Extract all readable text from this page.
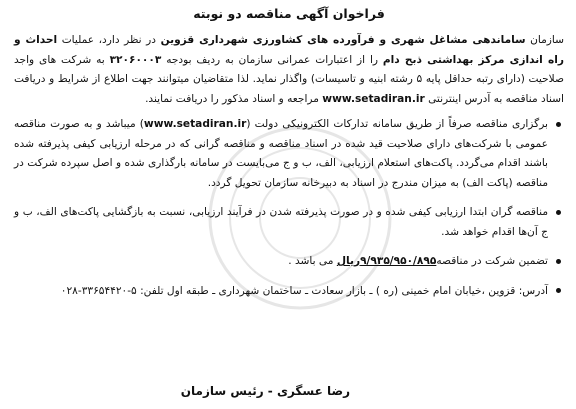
فراخوان آگهی مناقصه دو نوبته

سازمان ساماندهی مشاغل شهری و فرآورده های کشاورزی شهرداری قزوین در نظر دارد، عملیات احداث و راه اندازی مرکز بهداشتی ذبح دام را از اعتبارات عمرانی سازمان به ردیف بودجه ۳۲۰۶۰۰۰۳ به شرکت های واجد صلاحیت (دارای رتبه حداقل پایه ۵ رشته ابنیه و تاسیسات) واگذار نماید. لذا متقاضیان میتوانند جهت اطلاع از شرایط و دریافت اسناد مناقصه به آدرس اینترنتی www.setadiran.ir مراجعه و اسناد مذکور را دریافت نمایند.

برگزاری مناقصه صرفاً از طریق سامانه تدارکات الکترونیکی دولت (www.setadiran.ir) میباشد و به صورت مناقصه عمومی با شرکت‌های دارای صلاحیت قید شده در اسناد مناقصه و مناقصه گرانی که در مرحله ارزیابی کیفی پذیرفته شده باشند اقدام می‌گردد. پاکت‌های استعلام ارزیابی، الف، ب و ج می‌بایست در سامانه بارگذاری شده و اصل سپرده شرکت در مناقصه (پاکت الف) به میزان مندرج در اسناد به دبیرخانه سازمان تحویل گردد.
مناقصه گران ابتدا ارزیابی کیفی شده و در صورت پذیرفته شدن در فرآیند ارزیابی، نسبت به بازگشایی پاکت‌های الف، ب و ج آن‌ها اقدام خواهد شد.
تضمین شرکت در مناقصه۹/۹۳۵/۹۵۰/۸۹۵ریال می باشد .
آدرس: قزوین ،خیابان امام خمینی (ره ) ـ بازار سعادت ـ ساختمان شهرداری ـ طبقه اول تلفن: ۵-۳۳۶۵۴۴۲۰-۰۲۸
رضا عسگری - رئیس سازمان
